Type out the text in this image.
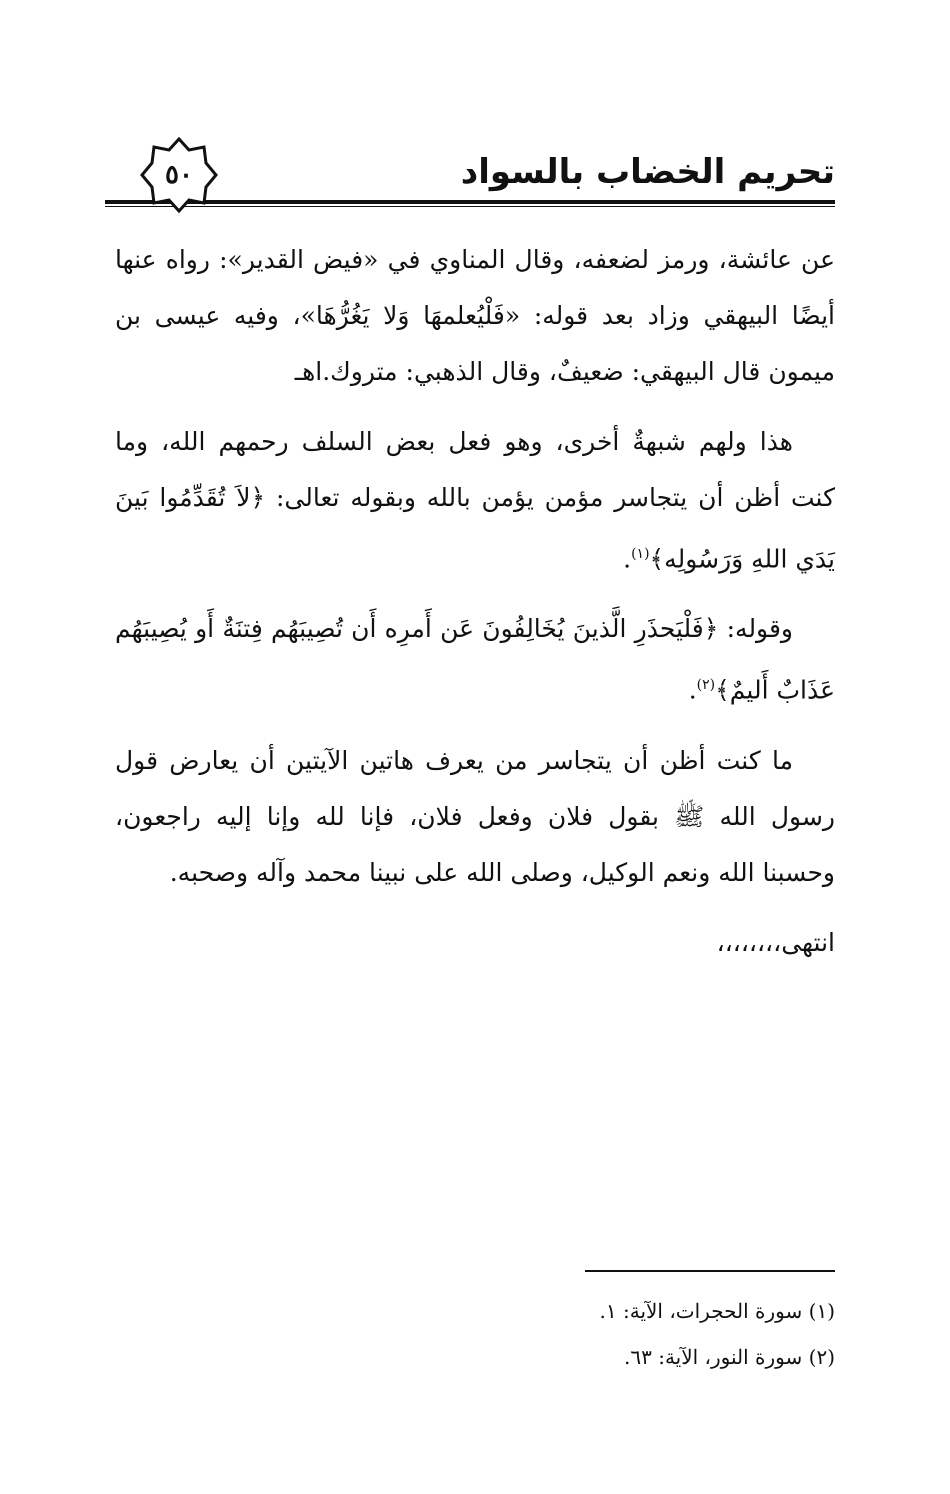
تحريم الخضاب بالسواد
٥٠

عن عائشة، ورمز لضعفه، وقال المناوي في «فيض القدير»: رواه عنها أيضًا البيهقي وزاد بعد قوله: «فَلْيُعلمهَا وَلا يَغُرُّهَا»، وفيه عيسى بن ميمون قال البيهقي: ضعيفٌ، وقال الذهبي: متروك.اهـ

هذا ولهم شبهةٌ أخرى، وهو فعل بعض السلف رحمهم الله، وما كنت أظن أن يتجاسر مؤمن يؤمن بالله وبقوله تعالى: ﴿لاَ تُقَدِّمُوا بَينَ يَدَي اللهِ وَرَسُولِه﴾$^{(١)}$.

وقوله: ﴿فَلْيَحذَرِ الَّذينَ يُخَالِفُونَ عَن أَمرِه أَن تُصِيبَهُم فِتنَةٌ أَو يُصِيبَهُم عَذَابٌ أَليمٌ﴾$^{(٢)}$.

ما كنت أظن أن يتجاسر من يعرف هاتين الآيتين أن يعارض قول رسول الله ﷺ بقول فلان وفعل فلان، فإنا لله وإنا إليه راجعون، وحسبنا الله ونعم الوكيل، وصلى الله على نبينا محمد وآله وصحبه.

انتهى،،،،،،،،

(١) سورة الحجرات، الآية: ١.

(٢) سورة النور، الآية: ٦٣.
